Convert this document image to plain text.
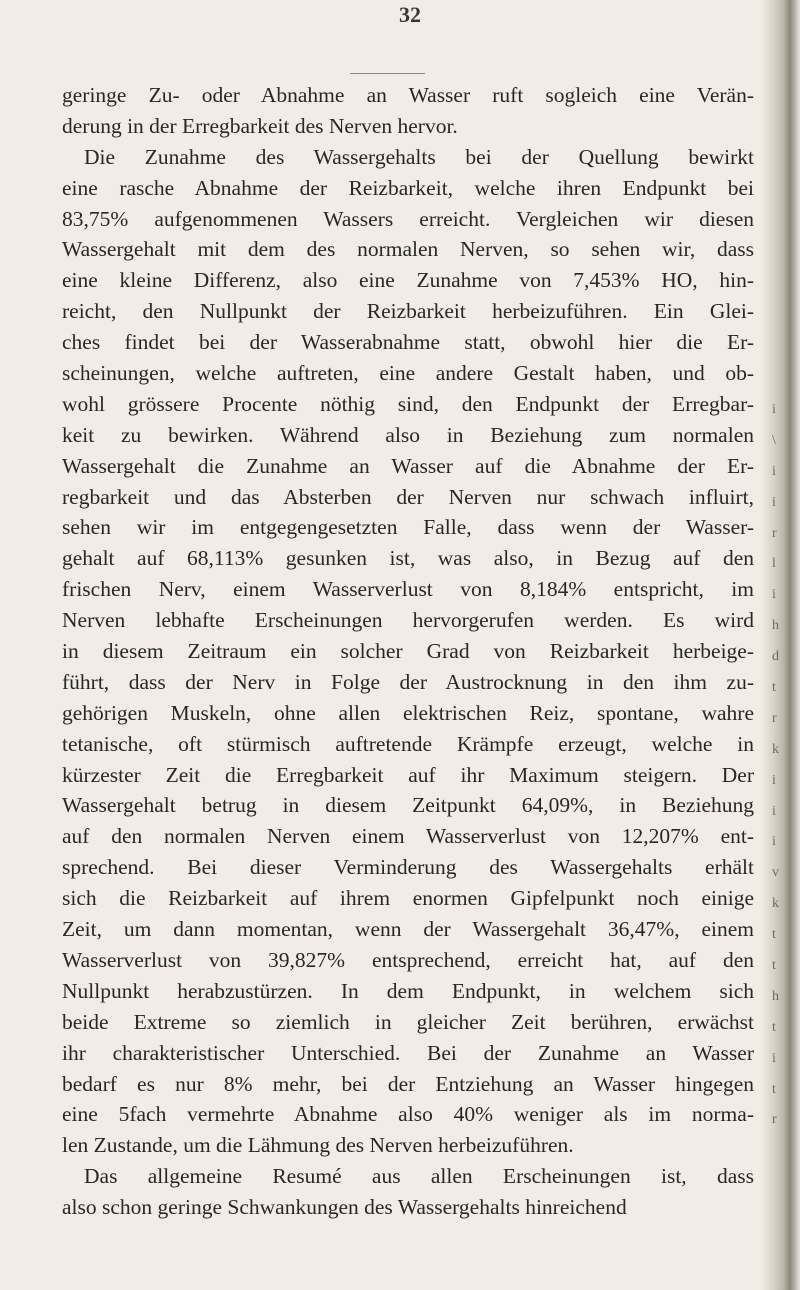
32
geringe Zu- oder Abnahme an Wasser ruft sogleich eine Verän-
derung in der Erregbarkeit des Nerven hervor.
Die Zunahme des Wassergehalts bei der Quellung bewirkt
eine rasche Abnahme der Reizbarkeit, welche ihren Endpunkt bei
83,75% aufgenommenen Wassers erreicht. Vergleichen wir diesen
Wassergehalt mit dem des normalen Nerven, so sehen wir, dass
eine kleine Differenz, also eine Zunahme von 7,453% HO, hin-
reicht, den Nullpunkt der Reizbarkeit herbeizuführen. Ein Glei-
ches findet bei der Wasserabnahme statt, obwohl hier die Er-
scheinungen, welche auftreten, eine andere Gestalt haben, und ob-
wohl grössere Procente nöthig sind, den Endpunkt der Erregbar-
keit zu bewirken. Während also in Beziehung zum normalen
Wassergehalt die Zunahme an Wasser auf die Abnahme der Er-
regbarkeit und das Absterben der Nerven nur schwach influirt,
sehen wir im entgegengesetzten Falle, dass wenn der Wasser-
gehalt auf 68,113% gesunken ist, was also, in Bezug auf den
frischen Nerv, einem Wasserverlust von 8,184% entspricht, im
Nerven lebhafte Erscheinungen hervorgerufen werden. Es wird
in diesem Zeitraum ein solcher Grad von Reizbarkeit herbeige-
führt, dass der Nerv in Folge der Austrocknung in den ihm zu-
gehörigen Muskeln, ohne allen elektrischen Reiz, spontane, wahre
tetanische, oft stürmisch auftretende Krämpfe erzeugt, welche in
kürzester Zeit die Erregbarkeit auf ihr Maximum steigern. Der
Wassergehalt betrug in diesem Zeitpunkt 64,09%, in Beziehung
auf den normalen Nerven einem Wasserverlust von 12,207% ent-
sprechend. Bei dieser Verminderung des Wassergehalts erhält
sich die Reizbarkeit auf ihrem enormen Gipfelpunkt noch einige
Zeit, um dann momentan, wenn der Wassergehalt 36,47%, einem
Wasserverlust von 39,827% entsprechend, erreicht hat, auf den
Nullpunkt herabzustürzen. In dem Endpunkt, in welchem sich
beide Extreme so ziemlich in gleicher Zeit berühren, erwächst
ihr charakteristischer Unterschied. Bei der Zunahme an Wasser
bedarf es nur 8% mehr, bei der Entziehung an Wasser hingegen
eine 5fach vermehrte Abnahme also 40% weniger als im norma-
len Zustande, um die Lähmung des Nerven herbeizuführen.
Das allgemeine Resumé aus allen Erscheinungen ist, dass
also schon geringe Schwankungen des Wassergehalts hinreichend
i
\
i
i
r
l
i
h
d
t
r
k
i
i
i
v
k
t
t
h
t
i
t
r
